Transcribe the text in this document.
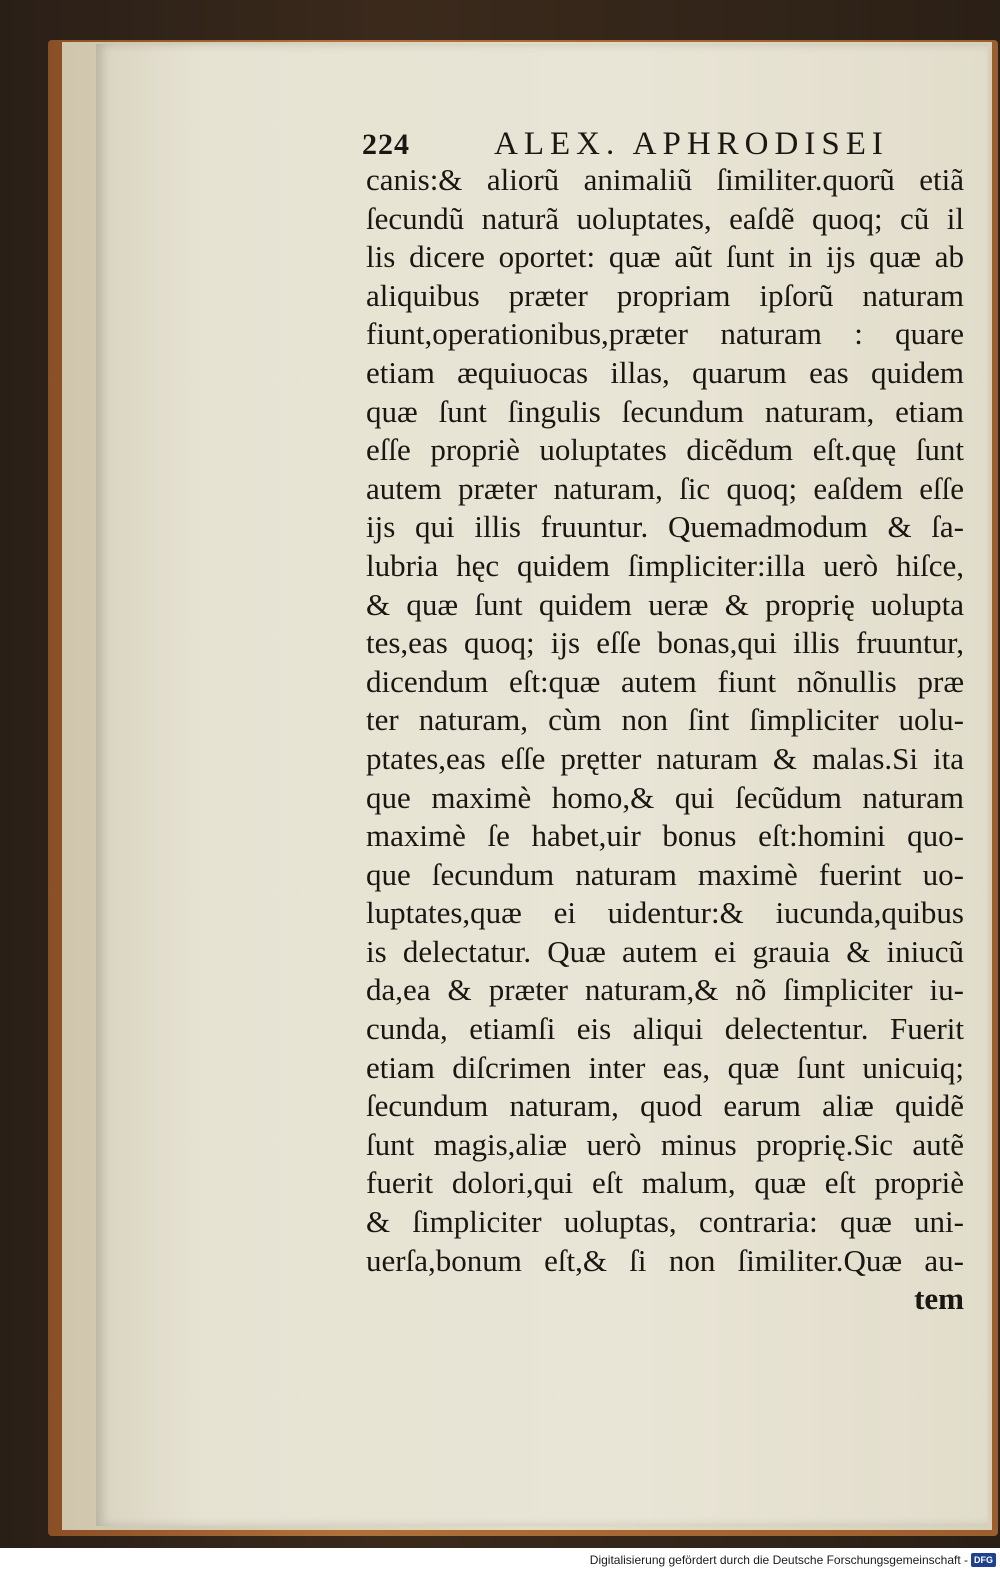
224	ALEX. APHRODISEI
canis:& aliorũ animaliũ ſimiliter.quorũ etiã
ſecundũ naturã uoluptates, eaſdẽ quoq; cũ il
lis dicere oportet: quæ aũt ſunt in ijs quæ ab
aliquibus præter propriam ipſorũ naturam
fiunt,operationibus,præter naturam : quare
etiam æquiuocas illas, quarum eas quidem
quæ ſunt ſingulis ſecundum naturam, etiam
eſſe propriè uoluptates dicẽdum eſt.quę ſunt
autem præter naturam, ſic quoq; eaſdem eſſe
ijs qui illis fruuntur. Quemadmodum & ſa-
lubria hęc quidem ſimpliciter:illa uerò hiſce,
& quæ ſunt quidem ueræ & proprię uolupta
tes,eas quoq; ijs eſſe bonas,qui illis fruuntur,
dicendum eſt:quæ autem fiunt nõnullis præ
ter naturam, cùm non ſint ſimpliciter uolu-
ptates,eas eſſe prętter naturam & malas.Si ita
que maximè homo,& qui ſecũdum naturam
maximè ſe habet,uir bonus eſt:homini quo-
que ſecundum naturam maximè fuerint uo-
luptates,quæ ei uidentur:& iucunda,quibus
is delectatur. Quæ autem ei grauia & iniucũ
da,ea & præter naturam,& nõ ſimpliciter iu-
cunda, etiamſi eis aliqui delectentur. Fuerit
etiam diſcrimen inter eas, quæ ſunt unicuiq;
ſecundum naturam, quod earum aliæ quidẽ
ſunt magis,aliæ uerò minus proprię.Sic autẽ
fuerit dolori,qui eſt malum, quæ eſt propriè
& ſimpliciter uoluptas, contraria: quæ uni-
uerſa,bonum eſt,& ſi non ſimiliter.Quæ au-
tem
Digitalisierung gefördert durch die Deutsche Forschungsgemeinschaft - DFG
